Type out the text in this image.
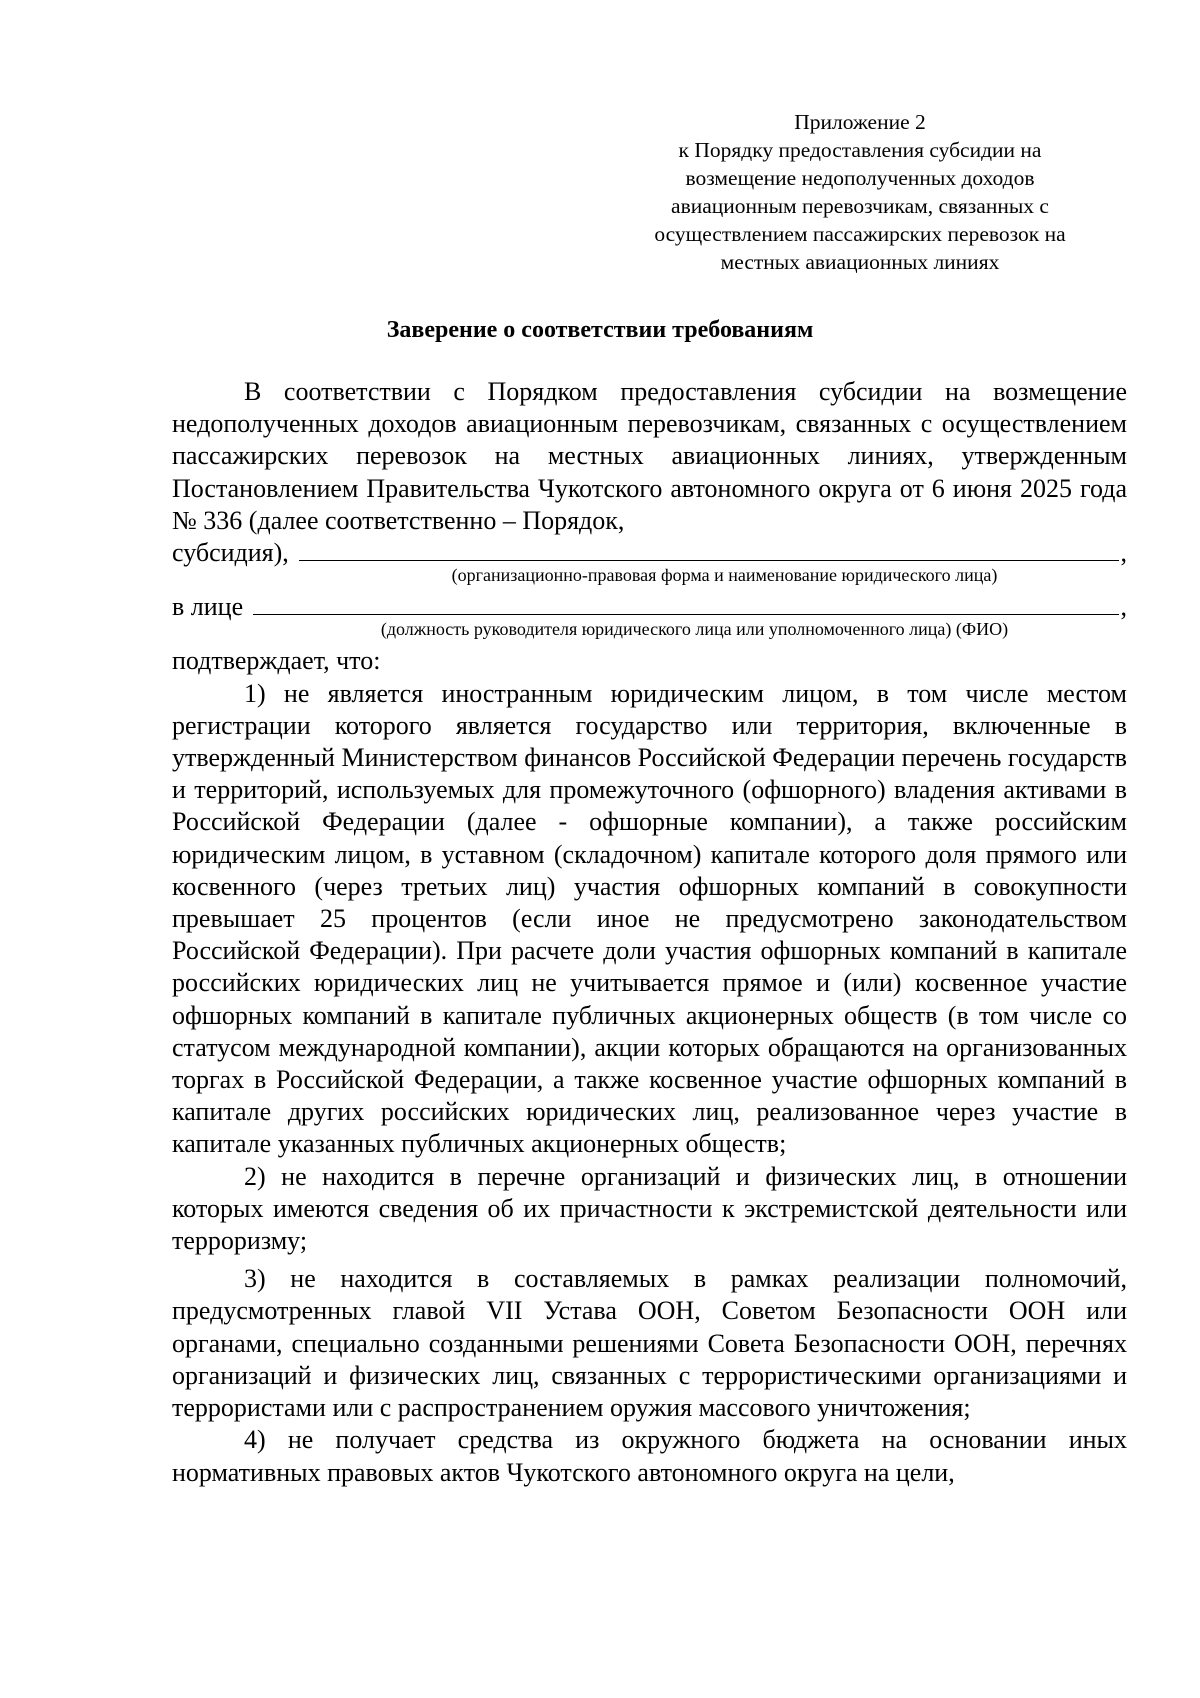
Приложение 2
к Порядку предоставления субсидии на
возмещение недополученных доходов
авиационным перевозчикам, связанных с
осуществлением пассажирских перевозок на
местных авиационных линиях
Заверение о соответствии требованиям
В соответствии с Порядком предоставления субсидии на возмещение недополученных доходов авиационным перевозчикам, связанных с осуществлением пассажирских перевозок на местных авиационных линиях, утвержденным Постановлением Правительства Чукотского автономного округа от 6 июня 2025 года № 336 (далее соответственно – Порядок,
субсидия),	,
(организационно-правовая форма и наименование юридического лица)
в лице	,
(должность руководителя юридического лица или уполномоченного лица) (ФИО)
подтверждает, что:
1) не является иностранным юридическим лицом, в том числе местом регистрации которого является государство или территория, включенные в утвержденный Министерством финансов Российской Федерации перечень государств и территорий, используемых для промежуточного (офшорного) владения активами в Российской Федерации (далее - офшорные компании), а также российским юридическим лицом, в уставном (складочном) капитале которого доля прямого или косвенного (через третьих лиц) участия офшорных компаний в совокупности превышает 25 процентов (если иное не предусмотрено законодательством Российской Федерации). При расчете доли участия офшорных компаний в капитале российских юридических лиц не учитывается прямое и (или) косвенное участие офшорных компаний в капитале публичных акционерных обществ (в том числе со статусом международной компании), акции которых обращаются на организованных торгах в Российской Федерации, а также косвенное участие офшорных компаний в капитале других российских юридических лиц, реализованное через участие в капитале указанных публичных акционерных обществ;
2) не находится в перечне организаций и физических лиц, в отношении которых имеются сведения об их причастности к экстремистской деятельности или терроризму;
3) не находится в составляемых в рамках реализации полномочий, предусмотренных главой VII Устава ООН, Советом Безопасности ООН или органами, специально созданными решениями Совета Безопасности ООН, перечнях организаций и физических лиц, связанных с террористическими организациями и террористами или с распространением оружия массового уничтожения;
4) не получает средства из окружного бюджета на основании иных нормативных правовых актов Чукотского автономного округа на цели,
